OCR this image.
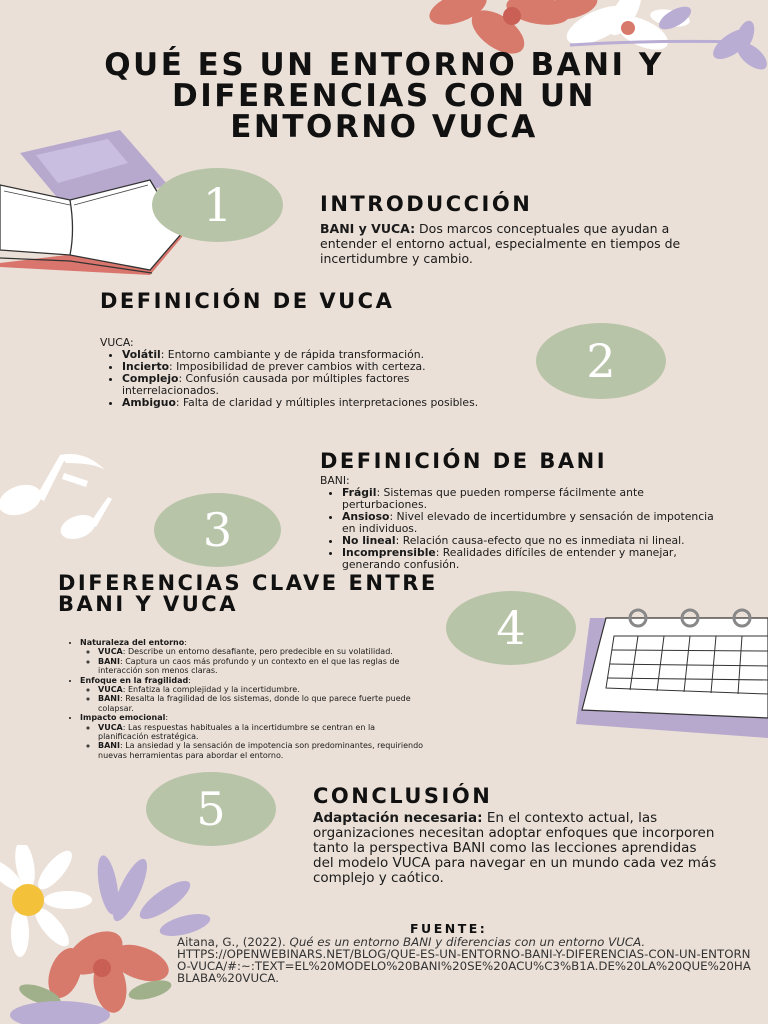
QUÉ ES UN ENTORNO BANI Y DIFERENCIAS CON UN ENTORNO VUCA
1	INTRODUCCIÓN
BANI y VUCA: Dos marcos conceptuales que ayudan a entender el entorno actual, especialmente en tiempos de incertidumbre y cambio.
DEFINICIÓN DE VUCA
VUCA:
• Volátil: Entorno cambiante y de rápida transformación.
• Incierto: Imposibilidad de prever cambios with certeza.
• Complejo: Confusión causada por múltiples factores interrelacionados.
• Ambiguo: Falta de claridad y múltiples interpretaciones posibles.
2
DEFINICIÓN DE BANI
BANI:
• Frágil: Sistemas que pueden romperse fácilmente ante perturbaciones.
• Ansioso: Nivel elevado de incertidumbre y sensación de impotencia en individuos.
• No lineal: Relación causa-efecto que no es inmediata ni lineal.
• Incomprensible: Realidades difíciles de entender y manejar, generando confusión.
3
DIFERENCIAS CLAVE ENTRE BANI Y VUCA
• Naturaleza del entorno:
◦ VUCA: Describe un entorno desafiante, pero predecible en su volatilidad.
◦ BANI: Captura un caos más profundo y un contexto en el que las reglas de interacción son menos claras.
• Enfoque en la fragilidad:
◦ VUCA: Enfatiza la complejidad y la incertidumbre.
◦ BANI: Resalta la fragilidad de los sistemas, donde lo que parece fuerte puede colapsar.
• Impacto emocional:
◦ VUCA: Las respuestas habituales a la incertidumbre se centran en la planificación estratégica.
◦ BANI: La ansiedad y la sensación de impotencia son predominantes, requiriendo nuevas herramientas para abordar el entorno.
4
5	CONCLUSIÓN
Adaptación necesaria: En el contexto actual, las organizaciones necesitan adoptar enfoques que incorporen tanto la perspectiva BANI como las lecciones aprendidas del modelo VUCA para navegar en un mundo cada vez más complejo y caótico.
FUENTE:
Aitana, G., (2022). Qué es un entorno BANI y diferencias con un entorno VUCA.
HTTPS://OPENWEBINARS.NET/BLOG/QUE-ES-UN-ENTORNO-BANI-Y-DIFERENCIAS-CON-UN-ENTORNO-VUCA/#:~:TEXT=EL%20MODELO%20BANI%20SE%20ACU%C3%B1A.DE%20LA%20QUE%20HABLABA%20VUCA.
